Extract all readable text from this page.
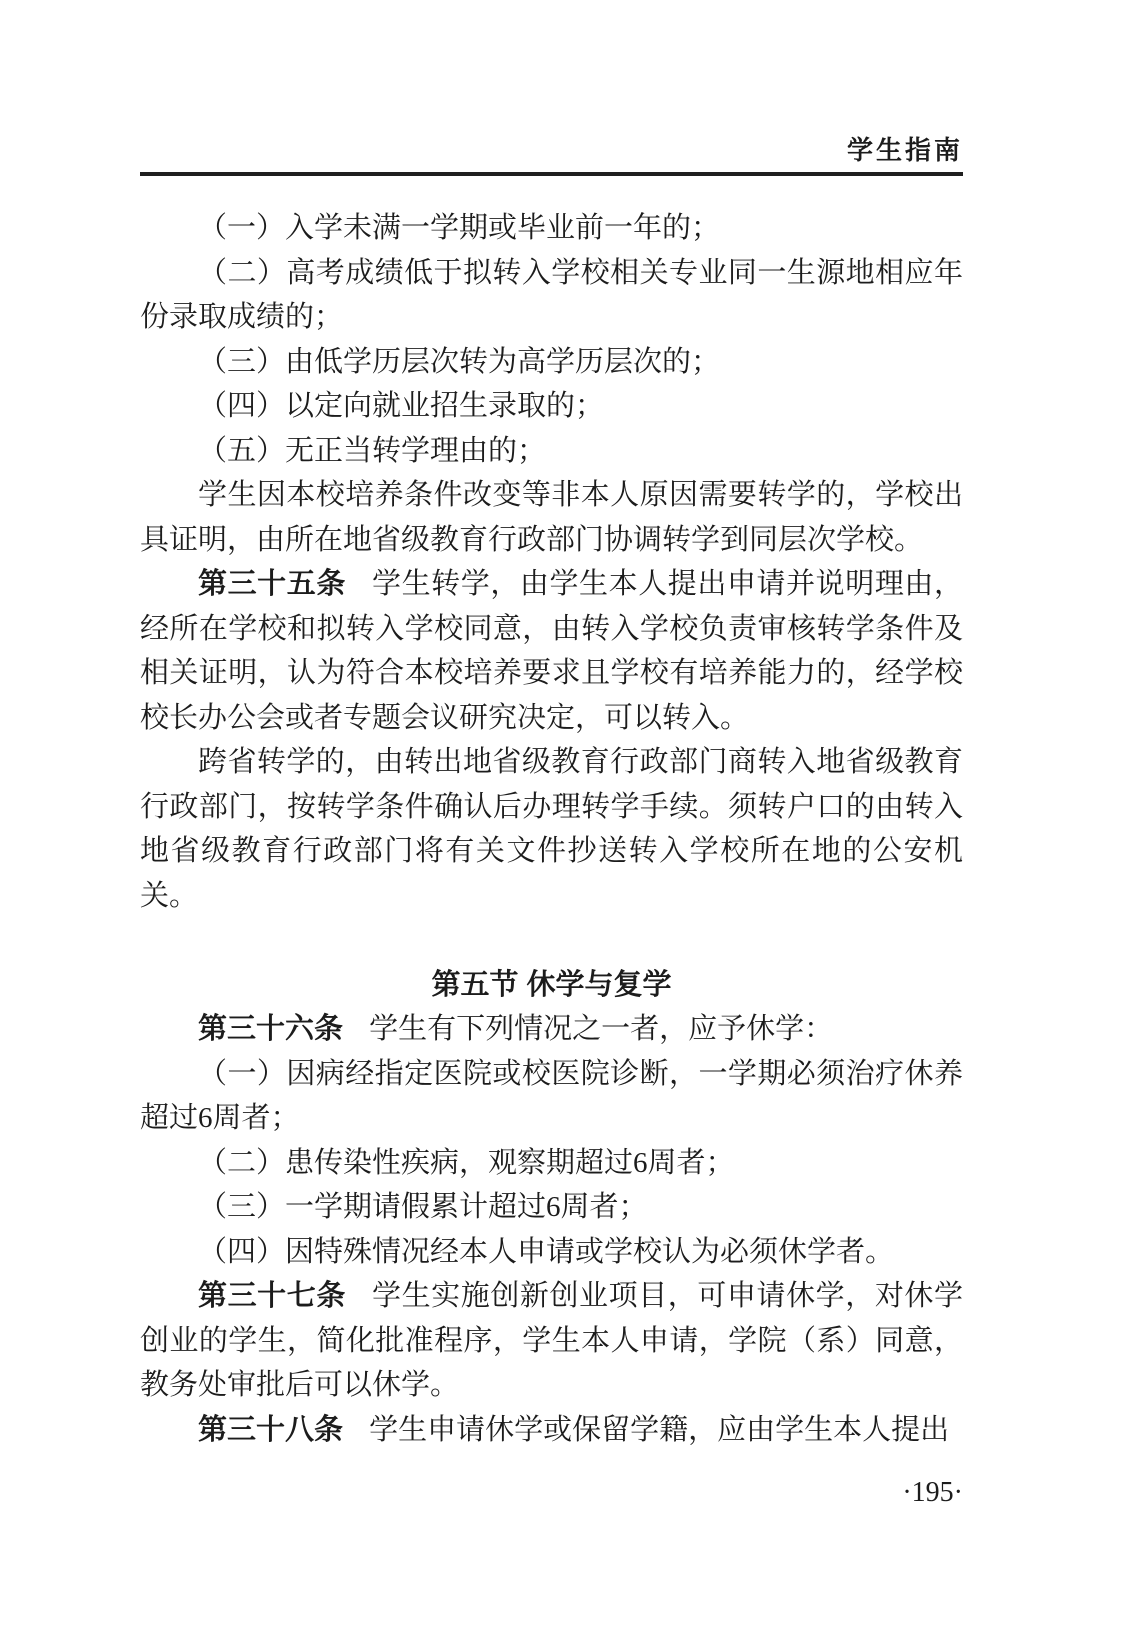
学生指南

（一）入学未满一学期或毕业前一年的；

（二）高考成绩低于拟转入学校相关专业同一生源地相应年份录取成绩的；

（三）由低学历层次转为高学历层次的；

（四）以定向就业招生录取的；

（五）无正当转学理由的；

学生因本校培养条件改变等非本人原因需要转学的，学校出具证明，由所在地省级教育行政部门协调转学到同层次学校。

第三十五条 学生转学，由学生本人提出申请并说明理由，经所在学校和拟转入学校同意，由转入学校负责审核转学条件及相关证明，认为符合本校培养要求且学校有培养能力的，经学校校长办公会或者专题会议研究决定，可以转入。

跨省转学的，由转出地省级教育行政部门商转入地省级教育行政部门，按转学条件确认后办理转学手续。须转户口的由转入地省级教育行政部门将有关文件抄送转入学校所在地的公安机关。

第五节 休学与复学

第三十六条 学生有下列情况之一者，应予休学：

（一）因病经指定医院或校医院诊断，一学期必须治疗休养超过6周者；

（二）患传染性疾病，观察期超过6周者；

（三）一学期请假累计超过6周者；

（四）因特殊情况经本人申请或学校认为必须休学者。

第三十七条 学生实施创新创业项目，可申请休学，对休学创业的学生，简化批准程序，学生本人申请，学院（系）同意，教务处审批后可以休学。

第三十八条 学生申请休学或保留学籍，应由学生本人提出

·195·
